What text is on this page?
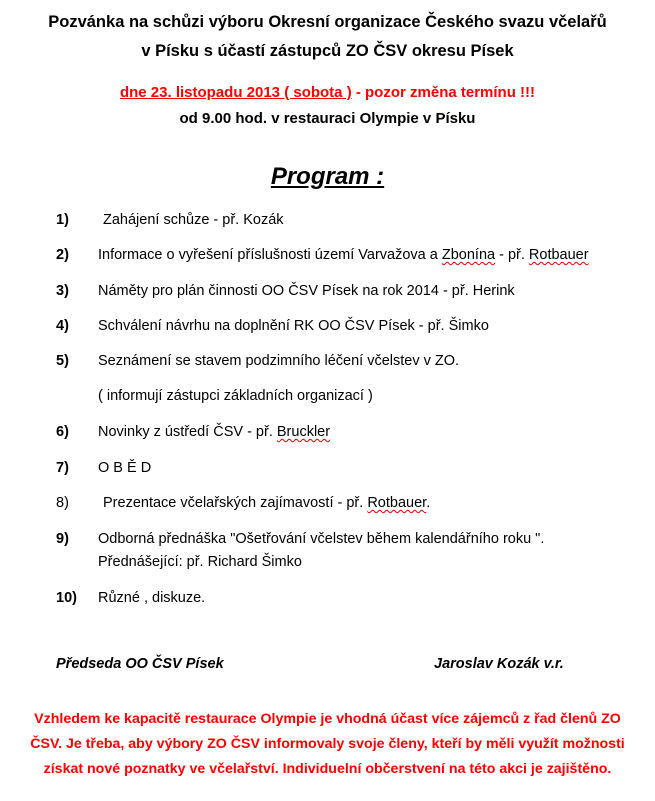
Pozvánka na schůzi výboru Okresní organizace Českého svazu včelařů
v Písku s účastí zástupců ZO ČSV okresu Písek
dne 23. listopadu 2013 ( sobota ) - pozor změna termínu !!!
od 9.00 hod. v restauraci Olympie v Písku
Program :
1) Zahájení schůze - př. Kozák
2) Informace o vyřešení příslušnosti území Varvažova a Zbonína - př. Rotbauer
3) Náměty pro plán činnosti OO ČSV Písek na rok 2014 - př. Herink
4) Schválení návrhu na doplnění RK OO ČSV Písek - př. Šimko
5) Seznámení se stavem podzimního léčení včelstev v ZO.
( informují zástupci základních organizací )
6) Novinky z ústředí ČSV - př. Bruckler
7) O B Ě D
8) Prezentace včelařských zajímavostí - př. Rotbauer.
9) Odborná přednáška "Ošetřování včelstev během kalendářního roku ".
Přednášející: př. Richard Šimko
10) Různé , diskuze.
Předseda OO ČSV Písek	Jaroslav Kozák v.r.
Vzhledem ke kapacitě restaurace Olympie je vhodná účast více zájemců z řad členů ZO
ČSV. Je třeba, aby výbory ZO ČSV informovaly svoje členy, kteří by měli využít možnosti
získat nové poznatky ve včelařství. Individuelní občerstvení na této akci je zajištěno.
